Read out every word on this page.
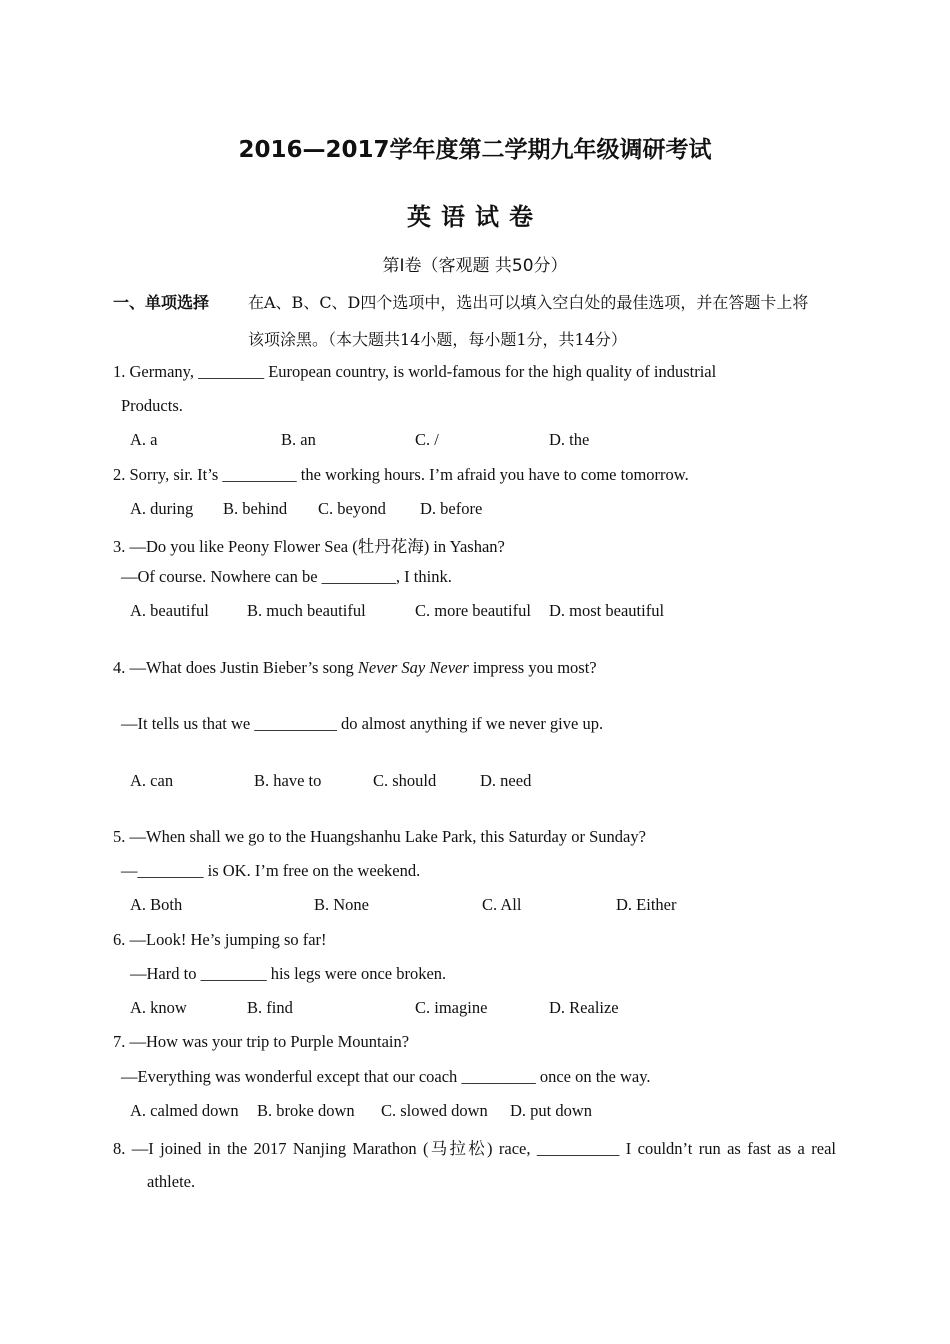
2016—2017学年度第二学期九年级调研考试
英语试卷
第Ⅰ卷（客观题 共50分）
一、单项选择 在A、B、C、D四个选项中，选出可以填入空白处的最佳选项，并在答题卡上将
该项涂黑。（本大题共14小题，每小题1分，共14分）
1. Germany, ________ European country, is world-famous for the high quality of industrial
Products.
A. a	B. an	C. /	D. the
2. Sorry, sir. It’s _________ the working hours. I’m afraid you have to come tomorrow.
A. during B. behind C. beyond D. before
3. —Do you like Peony Flower Sea (牡丹花海) in Yashan?
—Of course. Nowhere can be _________, I think.
A. beautiful B. much beautiful	C. more beautiful D. most beautiful
4. —What does Justin Bieber’s song Never Say Never impress you most?
—It tells us that we __________ do almost anything if we never give up.
A. can	B. have to	C. should	D. need
5. —When shall we go to the Huangshanhu Lake Park, this Saturday or Sunday?
—________ is OK. I’m free on the weekend.
A. Both	B. None	C. All	D. Either
6. —Look! He’s jumping so far!
—Hard to ________ his legs were once broken.
A. know	B. find	C. imagine	D. Realize
7. —How was your trip to Purple Mountain?
—Everything was wonderful except that our coach _________ once on the way.
A. calmed down B. broke down C. slowed down D. put down
8. —I joined in the 2017 Nanjing Marathon (马拉松) race, __________ I couldn’t run as fast as a real
athlete.
